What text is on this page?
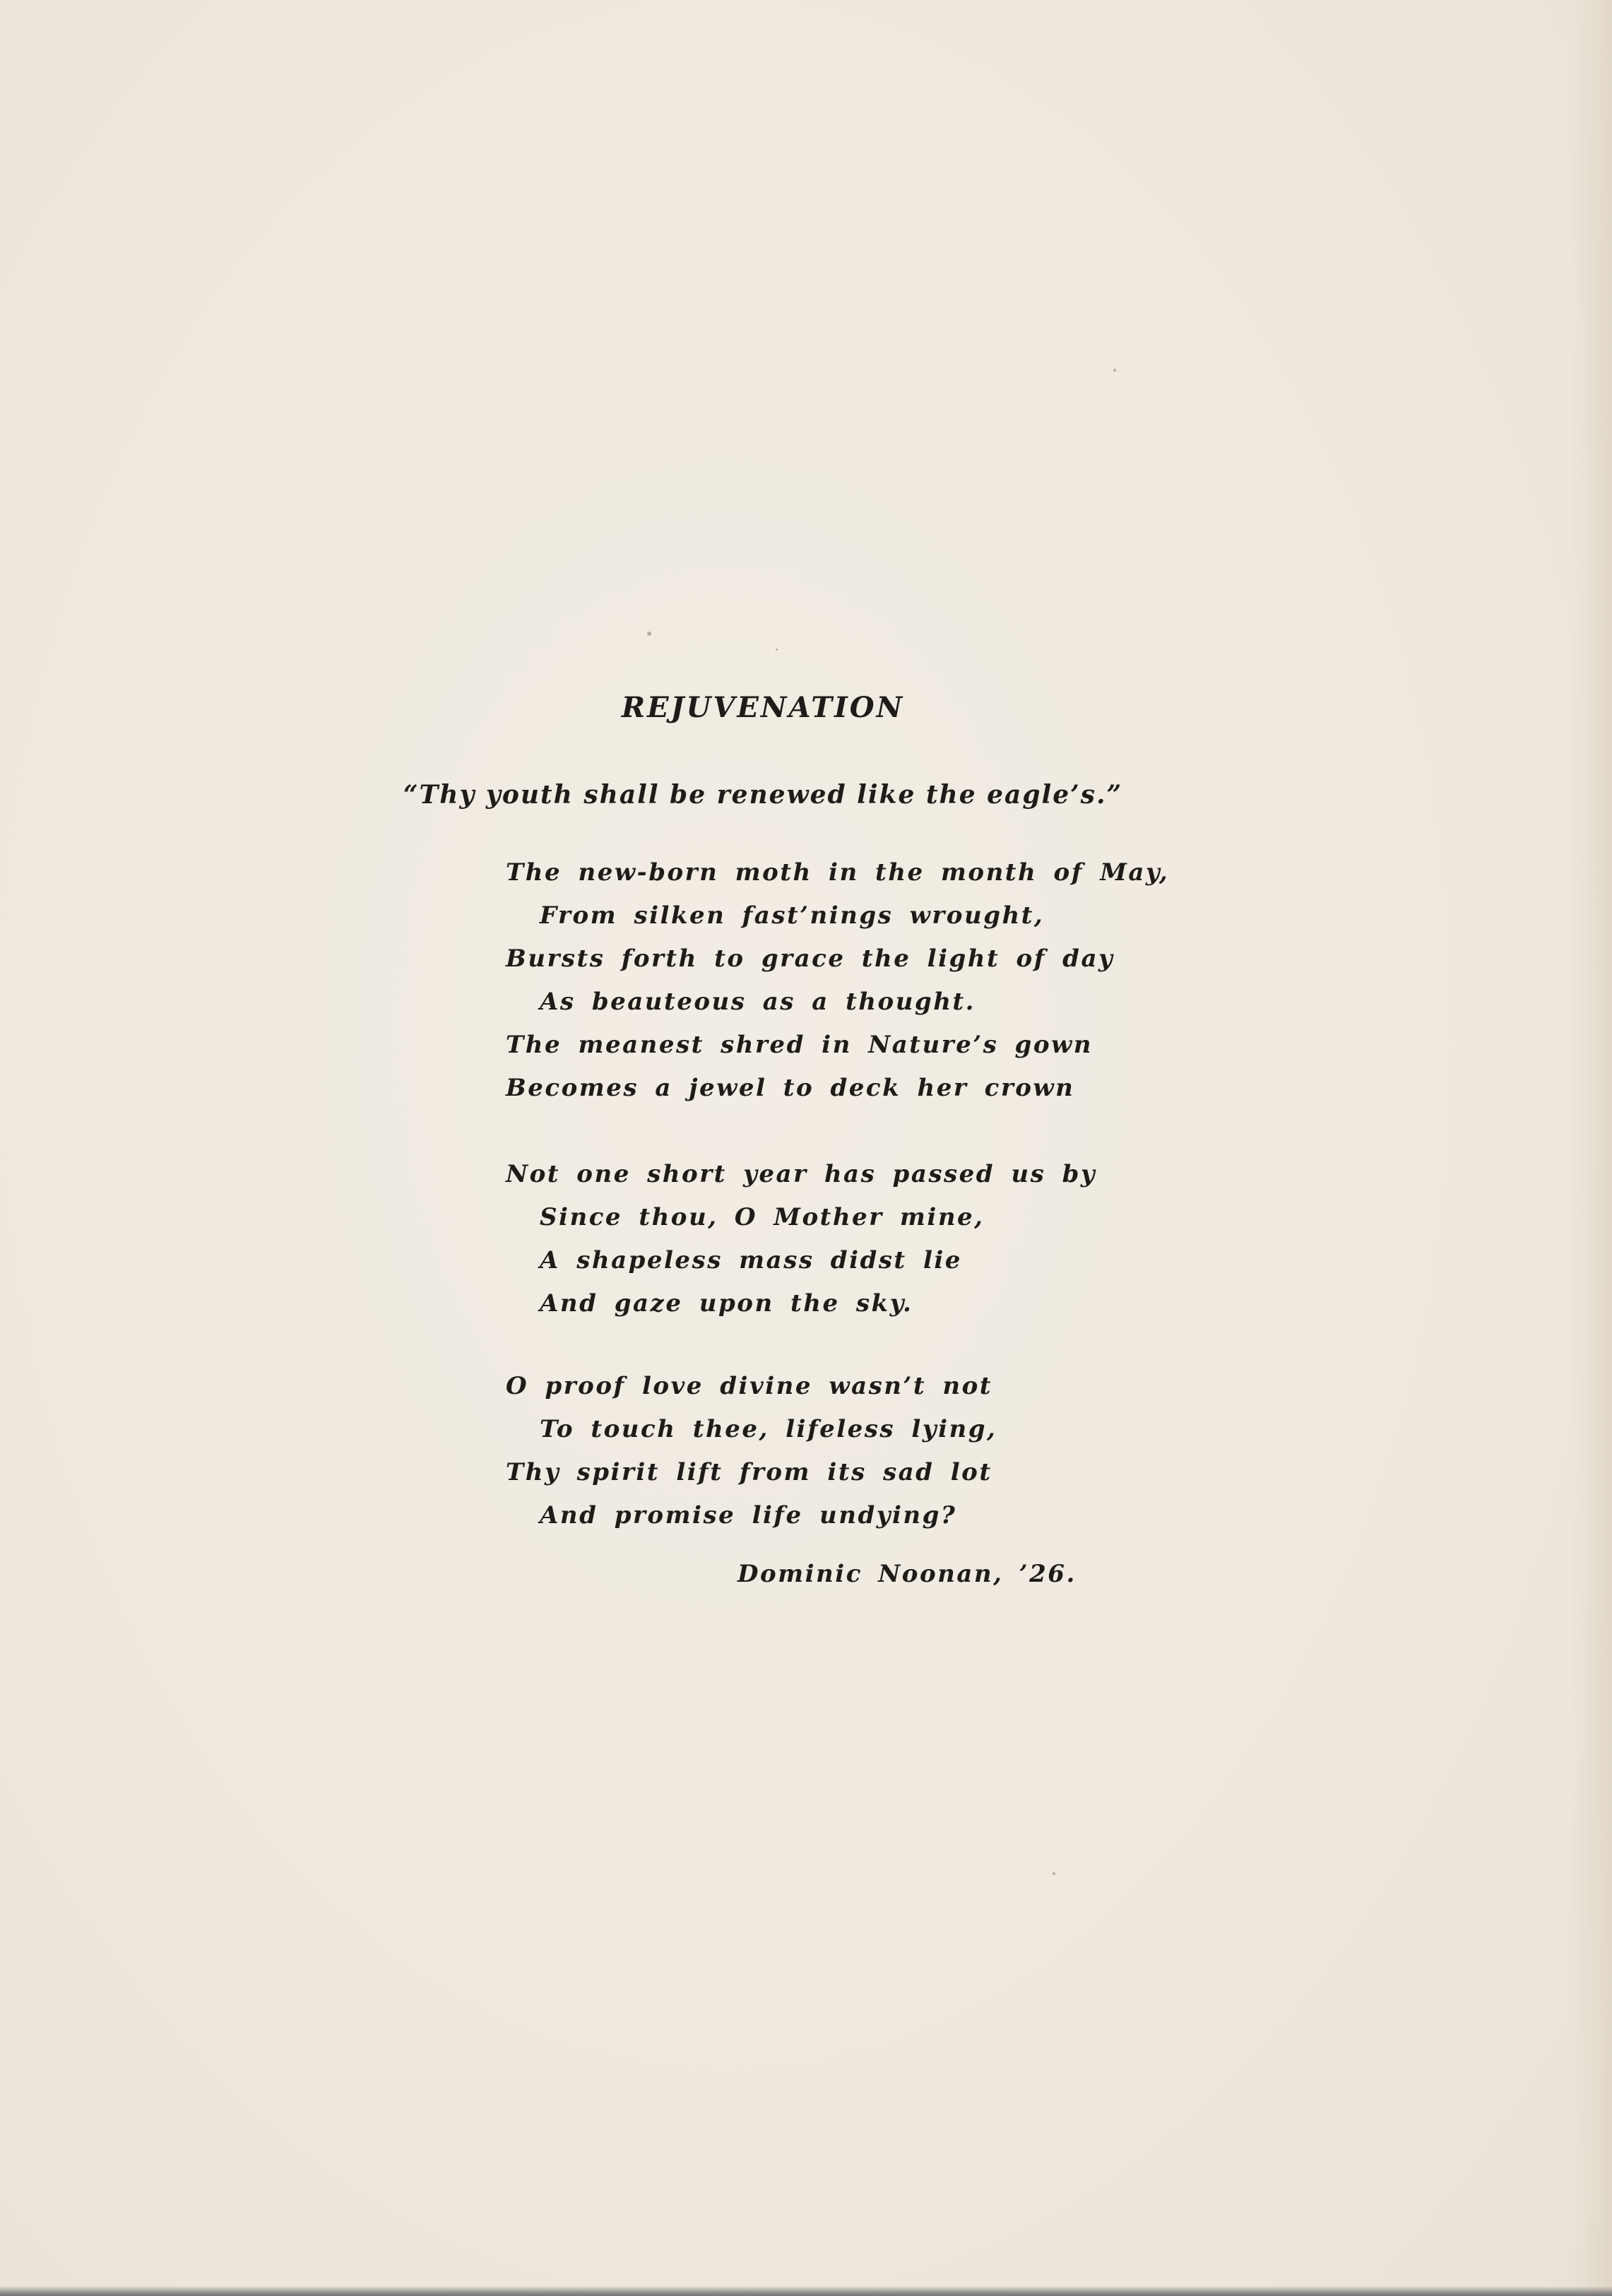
REJUVENATION
“Thy youth shall be renewed like the eagle’s.”
The new-born moth in the month of May,
From silken fast’nings wrought,
Bursts forth to grace the light of day
As beauteous as a thought.
The meanest shred in Nature’s gown
Becomes a jewel to deck her crown
Not one short year has passed us by
Since thou, O Mother mine,
A shapeless mass didst lie
And gaze upon the sky.
O proof love divine wasn’t not
To touch thee, lifeless lying,
Thy spirit lift from its sad lot
And promise life undying?
Dominic Noonan, ’26.
